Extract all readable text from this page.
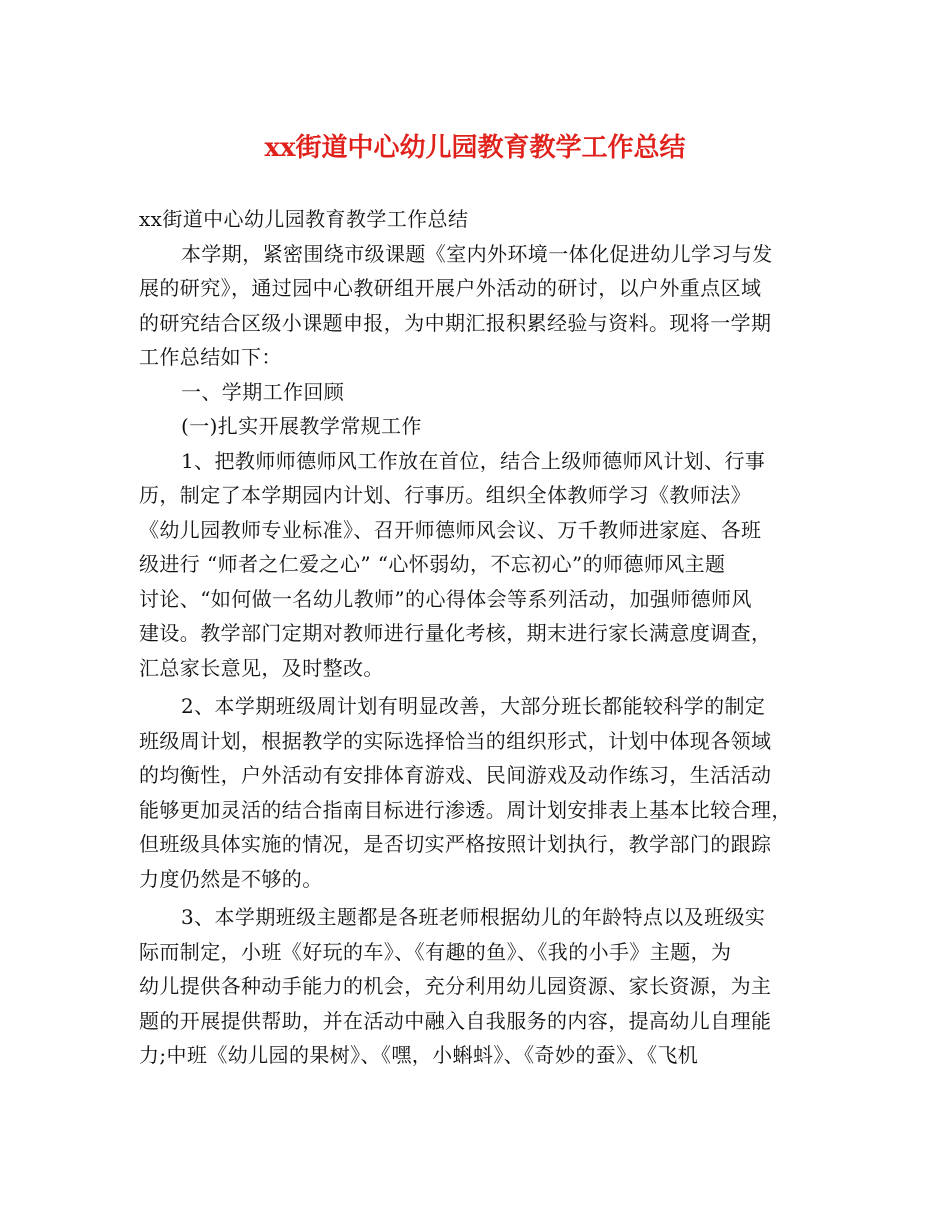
xx街道中心幼儿园教育教学工作总结
xx街道中心幼儿园教育教学工作总结
本学期，紧密围绕市级课题《室内外环境一体化促进幼儿学习与发
展的研究》，通过园中心教研组开展户外活动的研讨，以户外重点区域
的研究结合区级小课题申报，为中期汇报积累经验与资料。现将一学期
工作总结如下：
一、学期工作回顾
(一)扎实开展教学常规工作
1、把教师师德师风工作放在首位，结合上级师德师风计划、行事
历，制定了本学期园内计划、行事历。组织全体教师学习《教师法》
《幼儿园教师专业标准》、召开师德师风会议、万千教师进家庭、各班
级进行 “师者之仁爱之心” “心怀弱幼，不忘初心”的师德师风主题
讨论、“如何做一名幼儿教师”的心得体会等系列活动，加强师德师风
建设。教学部门定期对教师进行量化考核，期末进行家长满意度调查，
汇总家长意见，及时整改。
2、本学期班级周计划有明显改善，大部分班长都能较科学的制定
班级周计划，根据教学的实际选择恰当的组织形式，计划中体现各领域
的均衡性，户外活动有安排体育游戏、民间游戏及动作练习，生活活动
能够更加灵活的结合指南目标进行渗透。周计划安排表上基本比较合理，
但班级具体实施的情况，是否切实严格按照计划执行，教学部门的跟踪
力度仍然是不够的。
3、本学期班级主题都是各班老师根据幼儿的年龄特点以及班级实
际而制定，小班《好玩的车》、《有趣的鱼》、《我的小手》主题，为
幼儿提供各种动手能力的机会，充分利用幼儿园资源、家长资源，为主
题的开展提供帮助，并在活动中融入自我服务的内容，提高幼儿自理能
力;中班《幼儿园的果树》、《嘿，小蝌蚪》、《奇妙的蚕》、《飞机
